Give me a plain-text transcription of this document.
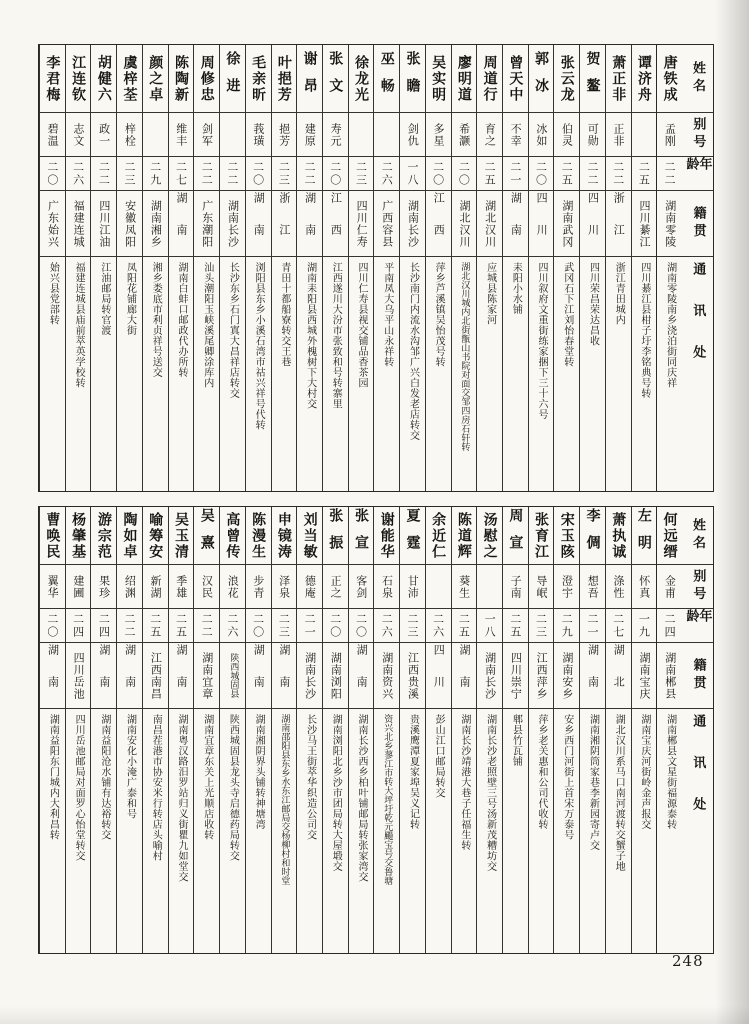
姓名
别号
年龄
籍贯
通讯处
唐铁成
孟刚
二二
湖南零陵
湖南零陵南乡浇泊街同庆祥
谭济舟
二五
四川綦江
四川綦江县柑子圩李铭典号转
萧正非
正非
二二
浙江
浙江青田城内
贺鳌
可勋
二二
四川
四川荣昌荣达昌收
张云龙
伯灵
二五
湖南武冈
武冈石下江刘怡春堂转
郭冰
冰如
二〇
四川
四川叙府文重街练家捆下三十六号
曾天中
不幸
二一
湖南
耒阳小水铺
周道行
育之
二五
湖北汉川
应城县陈家河
廖明道
希灏
二〇
湖北汉川
湖北汉川城内北街甑山书院对面交邹四房石轩转
吴实明
多星
二〇
江西
萍乡芦溪镇吴怡茂号转
张瞻
剑仇
一八
湖南长沙
长沙南门内流水沟邹广兴白发老店转交
巫畅
二六
广西容县
平南凤大乌平山永祥转
徐龙光
二三
四川仁寿
四川仁寿县视交铺品香茶园
张文
寿元
二〇
江西
江西遂川大汾市张致和号转寨里
谢昂
建原
二二
湖南
湖南耒阳县西城外槐树下大村交
叶挹芳
挹芳
二三
浙江
青田十都船寮转交王巷
毛亲昕
莪璜
二〇
湖南
浏阳县东乡小溪石湾市祜兴祥号代转
徐进
二二
湖南长沙
长沙东乡石门寘大昌祥店转交
周修忠
剑军
二二
广东潮阳
汕头潮阳玉峡溪尾卿涂库内
陈陶新
维丰
二七
湖南
湖南白蚌口邮政代办所转
颜之卓
二九
湖南湘乡
湘乡娄底市利贞祥号送交
虞梓荃
梓栓
二三
安徽凤阳
凤阳花铺廊大街
胡健六
政一
二二
四川江油
江油邮局转官渡
江连钦
志文
二六
福建连城
福建连城县庙前萃英学校转
李君梅
碧温
二〇
广东始兴
始兴县党部转
姓名
别号
年龄
籍贯
通讯处
何远缙
金甫
二四
湖南郴县
湖南郴县文星街福源泰转
左明
怀真
一九
湖南宝庆
湖南宝庆河街岭金声报交
萧执诚
涤性
二七
湖北
湖北汉川系马口南河渡转交蟹子地
李倜
想吾
二一
湖南
湖南湘阴筒家巷李新园寄卢交
宋玉陔
澄宇
二九
湖南安乡
安乡西门河街上首宋万泰号
张育江
导岷
二三
江西萍乡
萍乡老关惠和公司代收转
周宣
子南
二五
四川崇宁
郫县竹瓦铺
汤慰之
一八
湖南长沙
湖南长沙老照壁三号汤新茂糟坊交
陈道辉
葵生
二五
湖南
湖南长沙靖港大巷子任福生转
余近仁
二六
四川
彭山江口邮局转交
夏霆
甘沛
二三
江西贵溪
贵溪鹰潭夏家埠吴义记转
谢能华
石泉
二六
湖南资兴
资兴北乡蓼江市转大坪圩乾元颺宝号交鲁塘
张宣
客剑
二〇
湖南
湖南长沙西乡柏叶铺邮局转张家湾交
张振
正之
二〇
湖南浏阳
湖南浏阳北乡沙市团局转大屋塅交
刘当敏
德庵
二一
湖南长沙
长沙马王街萃华织造公司交
申镜涛
泽泉
二三
湖南
湖南邵阳县东乡水东江邮局交杨柳村和时堂
陈漫生
步青
二〇
湖南
湖南湘阴界头铺转神塘湾
高曾传
浪花
二六
陕西城固县
陕西城固县龙头寺启德药局转交
吴熹
汉民
二二
湖南宜章
湖南宜章东关上光顺店收转
吴玉清
季雄
二五
湖南
湖南粤汉路汨罗站归义街瞿九如堂交
喻筹安
新湖
二五
江西南昌
南昌茬港市协安米行转店头喻村
陶如卓
绍渊
二二
湖南
湖南安化小淹广泰和号
游宗范
果珍
二四
湖南
湖南益阳沧水铺有达裕转交
杨肇基
建圃
二四
四川岳池
四川岳池邮局对面罗心怡堂转交
曹唤民
翼华
二〇
湖南
湖南益阳东门城内大利昌转
248
